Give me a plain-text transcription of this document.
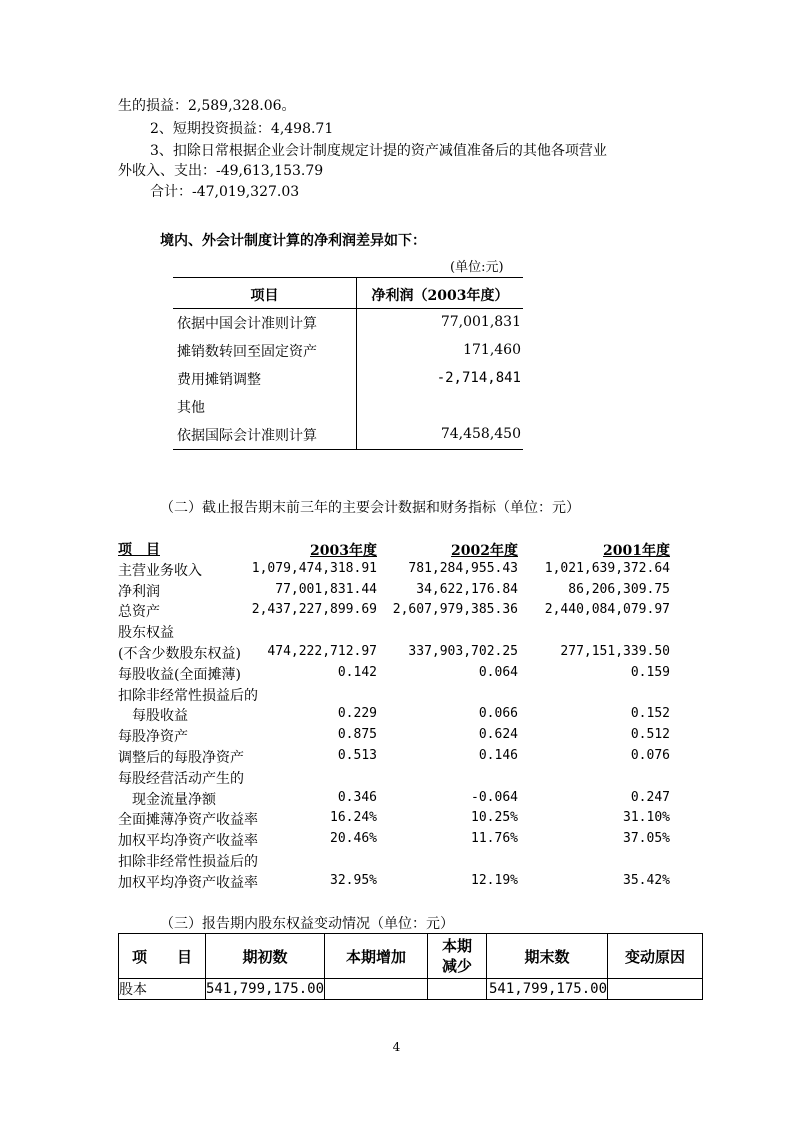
生的损益：2,589,328.06。
2、短期投资损益：4,498.71
3、扣除日常根据企业会计制度规定计提的资产减值准备后的其他各项营业
外收入、支出：-49,613,153.79
合计：-47,019,327.03
境内、外会计制度计算的净利润差异如下：
(单位:元)
项目	净利润（2003年度）
依据中国会计准则计算	77,001,831
摊销数转回至固定资产	171,460
费用摊销调整	-2,714,841
其他
依据国际会计准则计算	74,458,450
（二）截止报告期末前三年的主要会计数据和财务指标（单位：元）
项　目	2003年度	2002年度	2001年度
主营业务收入	1,079,474,318.91 781,284,955.43 1,021,639,372.64
净利润	77,001,831.44	34,622,176.84	86,206,309.75
总资产	2,437,227,899.69 2,607,979,385.36 2,440,084,079.97
股东权益
(不含少数股东权益) 474,222,712.97 337,903,702.25	277,151,339.50
每股收益(全面摊薄)	0.142	0.064	0.159
扣除非经常性损益后的
　每股收益	0.229	0.066	0.152
每股净资产	0.875	0.624	0.512
调整后的每股净资产	0.513	0.146	0.076
每股经营活动产生的
　现金流量净额	0.346	-0.064	0.247
全面摊薄净资产收益率	16.24%	10.25%	31.10%
加权平均净资产收益率	20.46%	11.76%	37.05%
扣除非经常性损益后的
加权平均净资产收益率	32.95%	12.19%	35.42%
（三）报告期内股东权益变动情况（单位：元）
项　　目	期初数	本期增加	本期减少	期末数	变动原因
股本	541,799,175.00			541,799,175.00	
4
